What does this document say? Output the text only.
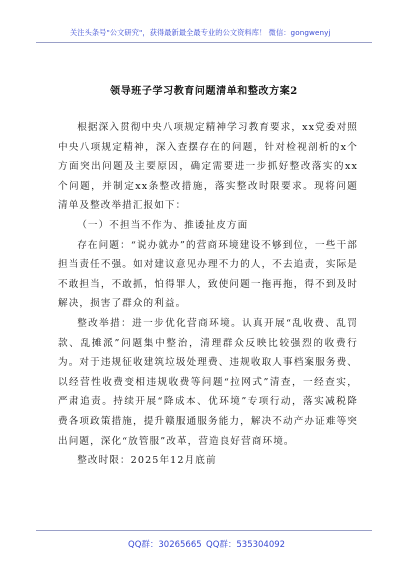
关注头条号"公文研究"，获得最新最全最专业的公文资料库！ 微信：gongwenyj
领导班子学习教育问题清单和整改方案2

根据深入贯彻中央八项规定精神学习教育要求，xx党委对照中央八项规定精神，深入查摆存在的问题，针对检视剖析的x个方面突出问题及主要原因，确定需要进一步抓好整改落实的xx个问题，并制定xx条整改措施，落实整改时限要求。现将问题清单及整改举措汇报如下：

（一）不担当不作为、推诿扯皮方面

存在问题：“说办就办”的营商环境建设不够到位，一些干部担当责任不强。如对建议意见办理不力的人，不去追责，实际是不敢担当，不敢抓，怕得罪人，致使问题一拖再拖，得不到及时解决，损害了群众的利益。

整改举措：进一步优化营商环境。认真开展“乱收费、乱罚款、乱摊派”问题集中整治，清理群众反映比较强烈的收费行为。对于违规征收建筑垃圾处理费、违规收取人事档案服务费、以经营性收费变相违规收费等问题“拉网式”清查，一经查实，严肃追责。持续开展“降成本、优环境”专项行动，落实减税降费各项政策措施，提升赣服通服务能力，解决不动产办证难等突出问题，深化“放管服”改革，营造良好营商环境。

整改时限：2025年12月底前

QQ群：30265665 QQ群：535304092
